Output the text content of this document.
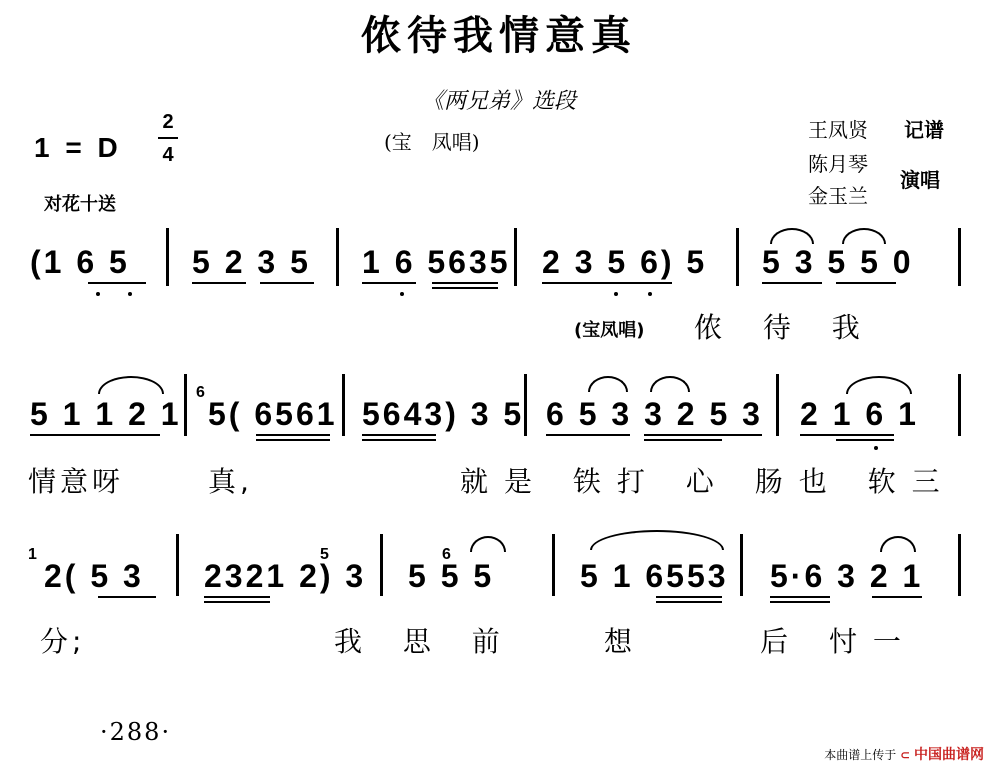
侬待我情意真
《两兄弟》选段
(宝　凤唱)
1 = D
2
4
对花十送
王凤贤 记谱
陈月琴
金玉兰
演唱
(1 6 5 5 2 3 5 1 6 5635 2 3 5 6) 5 5 3 5 5 0
(宝凤唱) 侬 待 我
5 1 1 2 1
6
5( 6561 5643) 3 5 6 5 3 3 2 5 3 2 1 6 1
情意呀	真,	就是 铁打 心 肠也 软三
1
2( 5 3 2321 2) 3
5
5 5 5
6
5 1 6553 5·6 3 2 1
分;	我 思 前	想	后 忖一
·288·
本曲谱上传于 ⊂ 中国曲谱网
